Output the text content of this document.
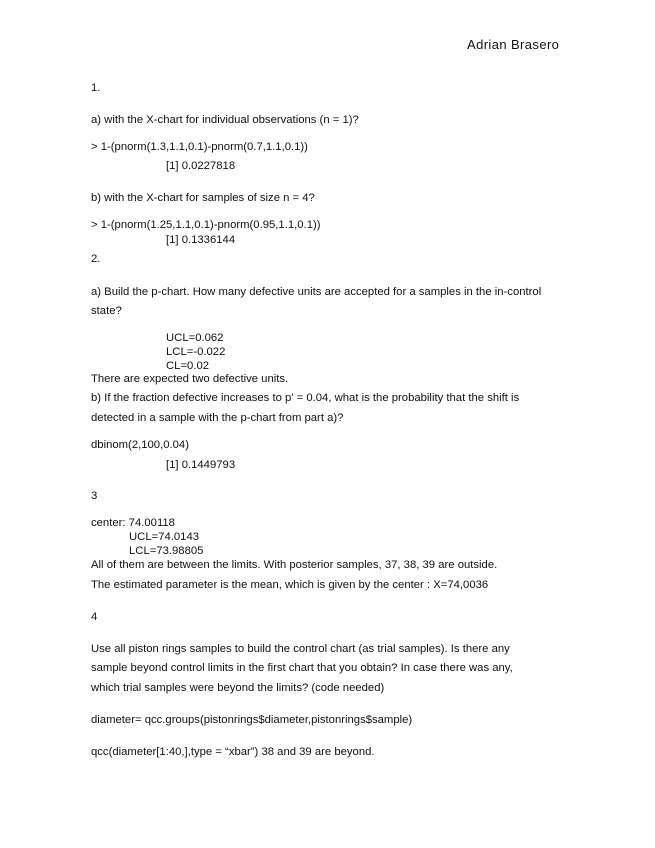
Adrian Brasero
1.
a) with the X-chart for individual observations (n = 1)?
> 1-(pnorm(1.3,1.1,0.1)-pnorm(0.7,1.1,0.1))
[1] 0.0227818
b) with the X-chart for samples of size n = 4?
> 1-(pnorm(1.25,1.1,0.1)-pnorm(0.95,1.1,0.1))
[1] 0.1336144
2.
a) Build the p-chart. How many defective units are accepted for a samples in the in-control
state?
UCL=0.062
LCL=-0.022
CL=0.02
There are expected two defective units.
b) If the fraction defective increases to p' = 0.04, what is the probability that the shift is
detected in a sample with the p-chart from part a)?
dbinom(2,100,0.04)
[1] 0.1449793
3
center: 74.00118
UCL=74.0143
LCL=73.98805
All of them are between the limits. With posterior samples, 37, 38, 39 are outside.
The estimated parameter is the mean, which is given by the center : X=74,0036
4
Use all piston rings samples to build the control chart (as trial samples). Is there any
sample beyond control limits in the first chart that you obtain? In case there was any,
which trial samples were beyond the limits? (code needed)
diameter= qcc.groups(pistonrings$diameter,pistonrings$sample)
qcc(diameter[1:40,],type = “xbar”) 38 and 39 are beyond.
